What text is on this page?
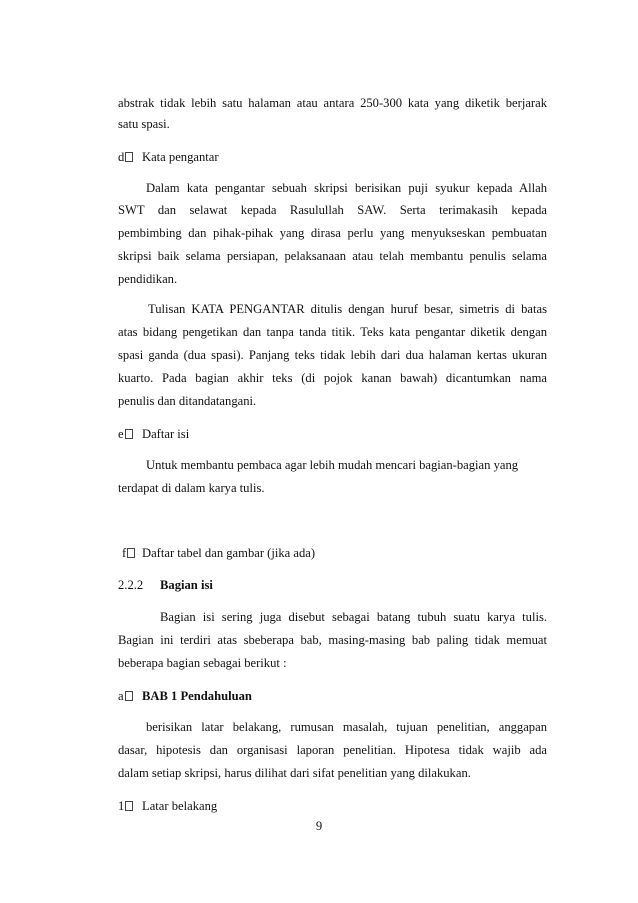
abstrak tidak lebih satu halaman atau antara 250-300 kata yang diketik berjarak
satu spasi.
d Kata pengantar
Dalam kata pengantar sebuah skripsi berisikan puji syukur kepada Allah
SWT dan selawat kepada Rasulullah SAW. Serta terimakasih kepada
pembimbing dan pihak-pihak yang dirasa perlu yang menyukseskan pembuatan
skripsi baik selama persiapan, pelaksanaan atau telah membantu penulis selama
pendidikan.
Tulisan KATA PENGANTAR ditulis dengan huruf besar, simetris di batas
atas bidang pengetikan dan tanpa tanda titik. Teks kata pengantar diketik dengan
spasi ganda (dua spasi). Panjang teks tidak lebih dari dua halaman kertas ukuran
kuarto. Pada bagian akhir teks (di pojok kanan bawah) dicantumkan nama
penulis dan ditandatangani.
e Daftar isi
Untuk membantu pembaca agar lebih mudah mencari bagian-bagian yang
terdapat di dalam karya tulis.
f Daftar tabel dan gambar (jika ada)
2.2.2 Bagian isi
Bagian isi sering juga disebut sebagai batang tubuh suatu karya tulis.
Bagian ini terdiri atas sbeberapa bab, masing-masing bab paling tidak memuat
beberapa bagian sebagai berikut :
a BAB 1 Pendahuluan
berisikan latar belakang, rumusan masalah, tujuan penelitian, anggapan
dasar, hipotesis dan organisasi laporan penelitian. Hipotesa tidak wajib ada
dalam setiap skripsi, harus dilihat dari sifat penelitian yang dilakukan.
1 Latar belakang
9
